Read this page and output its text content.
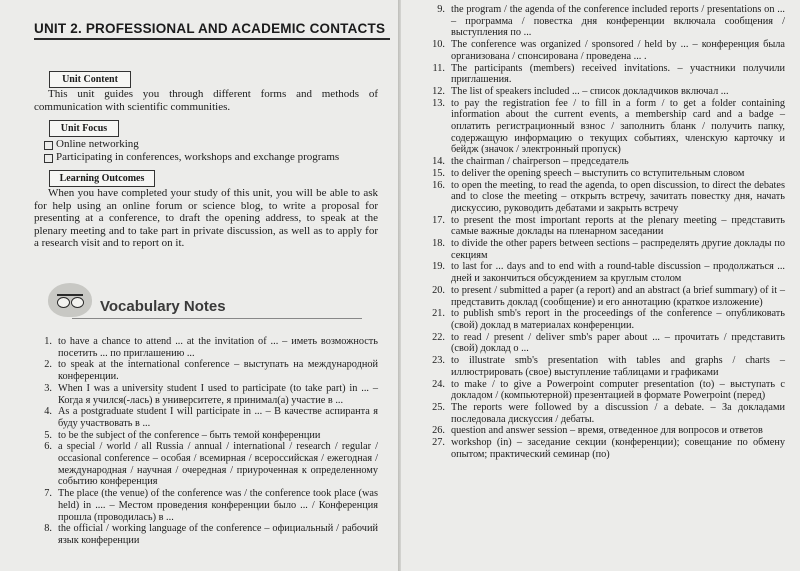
UNIT 2. PROFESSIONAL AND ACADEMIC CONTACTS
Unit Content

This unit guides you through different forms and methods of communication with scientific communities.

Unit Focus
Online networking
Participating in conferences, workshops and exchange programs
Learning Outcomes

When you have completed your study of this unit, you will be able to ask for help using an online forum or science blog, to write a proposal for presenting at a conference, to draft the opening address, to speak at the plenary meeting and to take part in private discussion, as well as to apply for a research visit and to report on it.

Vocabulary Notes
1. to have a chance to attend ... at the invitation of ... – иметь возможность посетить ... по приглашению ...
2. to speak at the international conference – выступать на международной конференции.
3. When I was a university student I used to participate (to take part) in ... – Когда я учился(-лась) в университете, я принимал(а) участие в ...
4. As a postgraduate student I will participate in ... – В качестве аспиранта я буду участвовать в ...
5. to be the subject of the conference – быть темой конференции
6. a special / world / all Russia / annual / international / research / regular / occasional conference – особая / всемирная / всероссийская / ежегодная / международная / научная / очередная / приуроченная к определенному событию конференция
7. The place (the venue) of the conference was / the conference took place (was held) in .... – Местом проведения конференции было ... / Конференция прошла (проводилась) в ...
8. the official / working language of the conference – официальный / рабочий язык конференции
9. the program / the agenda of the conference included reports / presentations on ... – программа / повестка дня конференции включала сообщения / выступления по ...
10. The conference was organized / sponsored / held by ... – конференция была организована / спонсирована / проведена ... .
11. The participants (members) received invitations. – участники получили приглашения.
12. The list of speakers included ... – список докладчиков включал ...
13. to pay the registration fee / to fill in a form / to get a folder containing information about the current events, a membership card and a badge – оплатить регистрационный взнос / заполнить бланк / получить папку, содержащую информацию о текущих событиях, членскую карточку и бейдж (значок / электронный пропуск)
14. the chairman / chairperson – председатель
15. to deliver the opening speech – выступить со вступительным словом
16. to open the meeting, to read the agenda, to open discussion, to direct the debates and to close the meeting – открыть встречу, зачитать повестку дня, начать дискуссию, руководить дебатами и закрыть встречу
17. to present the most important reports at the plenary meeting – представить самые важные доклады на пленарном заседании
18. to divide the other papers between sections – распределять другие доклады по секциям
19. to last for ... days and to end with a round-table discussion – продолжаться ... дней и закончиться обсуждением за круглым столом
20. to present / submitted a paper (a report) and an abstract (a brief summary) of it – представить доклад (сообщение) и его аннотацию (краткое изложение)
21. to publish smb's report in the proceedings of the conference – опубликовать (свой) доклад в материалах конференции.
22. to read / present / deliver smb's paper about ... – прочитать / представить (свой) доклад о ...
23. to illustrate smb's presentation with tables and graphs / charts – иллюстрировать (свое) выступление таблицами и графиками
24. to make / to give a Powerpoint computer presentation (to) – выступать с докладом / (компьютерной) презентацией в формате Powerpoint (перед)
25. The reports were followed by a discussion / a debate. – За докладами последовала дискуссия / дебаты.
26. question and answer session – время, отведенное для вопросов и ответов
27. workshop (in) – заседание секции (конференции); совещание по обмену опытом; практический семинар (по)
